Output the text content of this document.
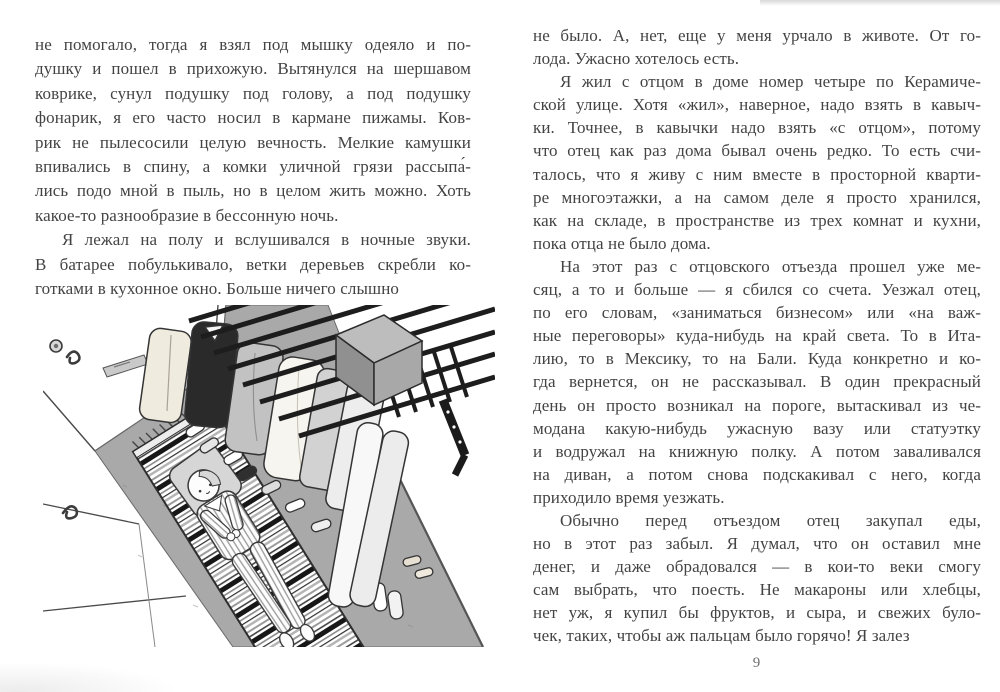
не помогало, тогда я взял под мышку одеяло и по-
душку и пошел в прихожую. Вытянулся на шершавом
коврике, сунул подушку под голову, а под подушку
фонарик, я его часто носил в кармане пижамы. Ков-
рик не пылесосили целую вечность. Мелкие камушки
впивались в спину, а комки уличной грязи рассыпа́-
лись подо мной в пыль, но в целом жить можно. Хоть
какое-то разнообразие в бессонную ночь.
Я лежал на полу и вслушивался в ночные звуки.
В батарее побулькивало, ветки деревьев скребли ко-
готками в кухонное окно. Больше ничего слышно
не было. А, нет, еще у меня урчало в животе. От го-
лода. Ужасно хотелось есть.
Я жил с отцом в доме номер четыре по Керамиче-
ской улице. Хотя «жил», наверное, надо взять в кавыч-
ки. Точнее, в кавычки надо взять «с отцом», потому
что отец как раз дома бывал очень редко. То есть счи-
талось, что я живу с ним вместе в просторной кварти-
ре многоэтажки, а на самом деле я просто хранился,
как на складе, в пространстве из трех комнат и кухни,
пока отца не было дома.
На этот раз с отцовского отъезда прошел уже ме-
сяц, а то и больше — я сбился со счета. Уезжал отец,
по его словам, «заниматься бизнесом» или «на важ-
ные переговоры» куда-нибудь на край света. То в Ита-
лию, то в Мексику, то на Бали. Куда конкретно и ко-
гда вернется, он не рассказывал. В один прекрасный
день он просто возникал на пороге, вытаскивал из че-
модана какую-нибудь ужасную вазу или статуэтку
и водружал на книжную полку. А потом заваливался
на диван, а потом снова подскакивал с него, когда
приходило время уезжать.
Обычно перед отъездом отец закупал еды,
но в этот раз забыл. Я думал, что он оставил мне
денег, и даже обрадовался — в кои-то веки смогу
сам выбрать, что поесть. Не макароны или хлебцы,
нет уж, я купил бы фруктов, и сыра, и свежих було-
чек, таких, чтобы аж пальцам было горячо! Я залез
9
